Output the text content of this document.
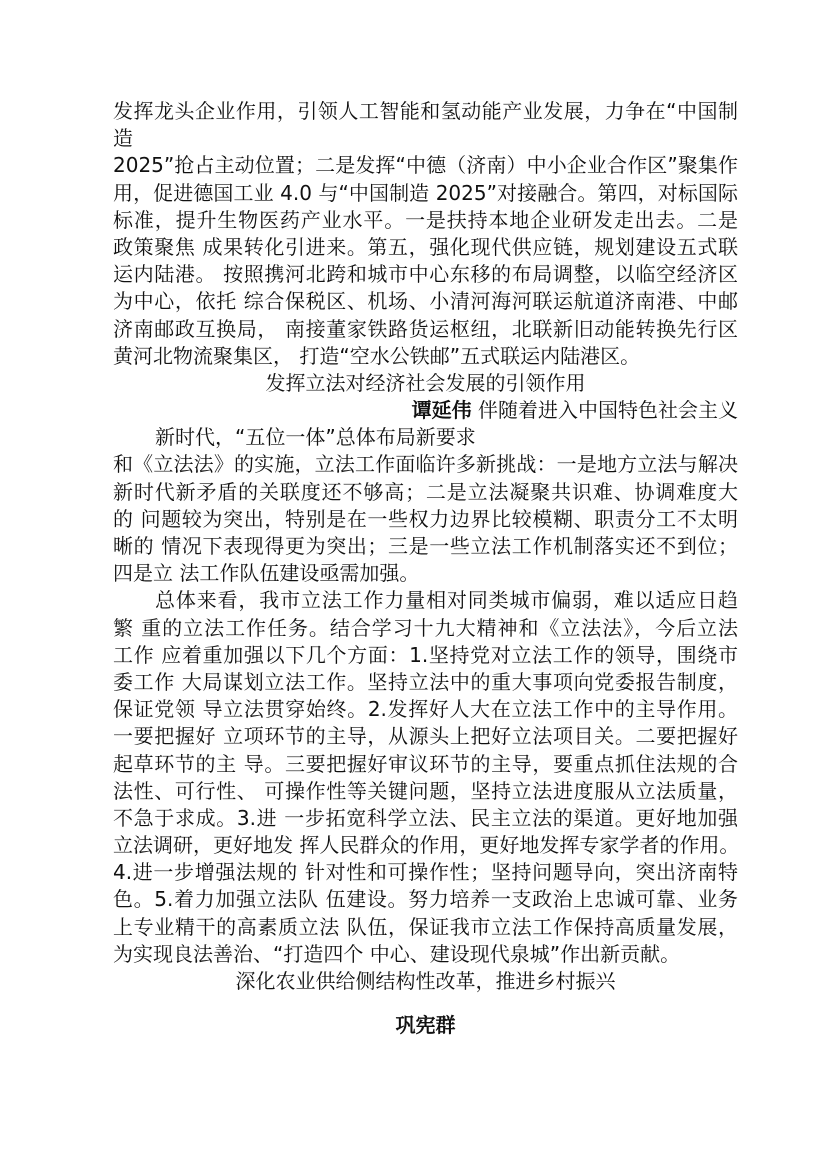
发挥龙头企业作用，引领人工智能和氢动能产业发展，力争在“中国制
造
2025”抢占主动位置；二是发挥“中德（济南）中小企业合作区”聚集作
用，促进德国工业 4.0 与“中国制造 2025”对接融合。第四，对标国际
标准，提升生物医药产业水平。一是扶持本地企业研发走出去。二是
政策聚焦 成果转化引进来。第五，强化现代供应链，规划建设五式联
运内陆港。 按照携河北跨和城市中心东移的布局调整，以临空经济区
为中心，依托 综合保税区、机场、小清河海河联运航道济南港、中邮
济南邮政互换局， 南接董家铁路货运枢纽，北联新旧动能转换先行区
黄河北物流聚集区， 打造“空水公铁邮”五式联运内陆港区。
发挥立法对经济社会发展的引领作用
谭延伟 伴随着进入中国特色社会主义
新时代，“五位一体”总体布局新要求
和《立法法》的实施，立法工作面临许多新挑战：一是地方立法与解决
新时代新矛盾的关联度还不够高；二是立法凝聚共识难、协调难度大
的 问题较为突出，特别是在一些权力边界比较模糊、职责分工不太明
晰的 情况下表现得更为突出；三是一些立法工作机制落实还不到位；
四是立 法工作队伍建设亟需加强。
总体来看，我市立法工作力量相对同类城市偏弱，难以适应日趋
繁 重的立法工作任务。结合学习十九大精神和《立法法》，今后立法
工作 应着重加强以下几个方面：1.坚持党对立法工作的领导，围绕市
委工作 大局谋划立法工作。坚持立法中的重大事项向党委报告制度，
保证党领 导立法贯穿始终。2.发挥好人大在立法工作中的主导作用。
一要把握好 立项环节的主导，从源头上把好立法项目关。二要把握好
起草环节的主 导。三要把握好审议环节的主导，要重点抓住法规的合
法性、可行性、 可操作性等关键问题，坚持立法进度服从立法质量，
不急于求成。3.进 一步拓宽科学立法、民主立法的渠道。更好地加强
立法调研，更好地发 挥人民群众的作用，更好地发挥专家学者的作用。
4.进一步增强法规的 针对性和可操作性；坚持问题导向，突出济南特
色。5.着力加强立法队 伍建设。努力培养一支政治上忠诚可靠、业务
上专业精干的高素质立法 队伍，保证我市立法工作保持高质量发展，
为实现良法善治、“打造四个 中心、建设现代泉城”作出新贡献。
深化农业供给侧结构性改革，推进乡村振兴
巩宪群
